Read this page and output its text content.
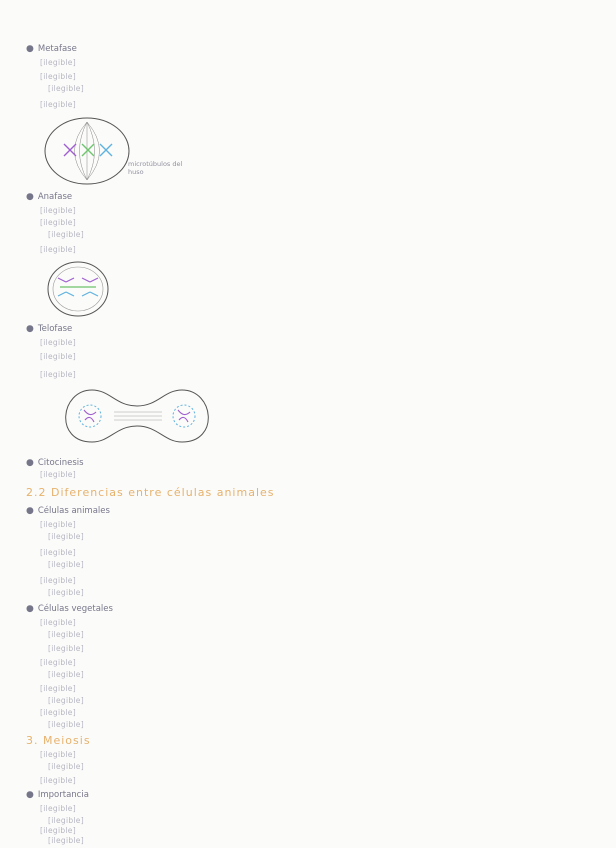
● Metafase
[ilegible]
[ilegible]
[ilegible]
[ilegible]
microtúbulos del huso
● Anafase
[ilegible]
[ilegible]
[ilegible]
[ilegible]
● Telofase
[ilegible]
[ilegible]
[ilegible]
● Citocinesis
[ilegible]
2.2 Diferencias entre células animales
● Células animales
[ilegible]
[ilegible]
[ilegible]
[ilegible]
[ilegible]
[ilegible]
● Células vegetales
[ilegible]
[ilegible]
[ilegible]
[ilegible]
[ilegible]
[ilegible]
[ilegible]
[ilegible]
[ilegible]
3. Meiosis
[ilegible]
[ilegible]
[ilegible]
● Importancia
[ilegible]
[ilegible]
[ilegible]
[ilegible]
